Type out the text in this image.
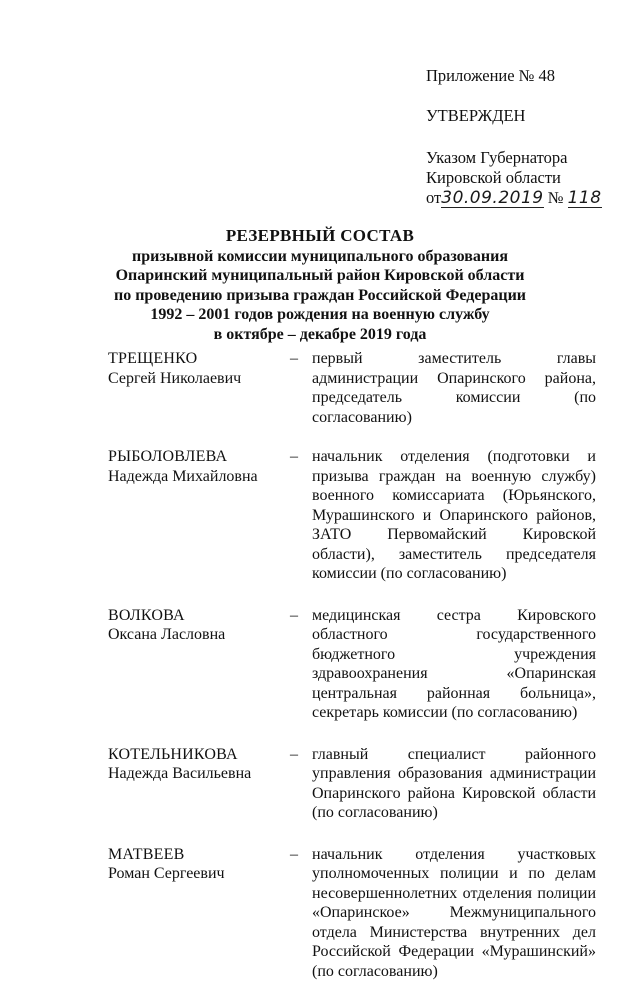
Приложение № 48
УТВЕРЖДЕН
Указом Губернатора
Кировской области
от30.09.2019 № 118
РЕЗЕРВНЫЙ СОСТАВ
призывной комиссии муниципального образования
Опаринский муниципальный район Кировской области
по проведению призыва граждан Российской Федерации
1992 – 2001 годов рождения на военную службу
в октябре – декабре 2019 года
ТРЕЩЕНКО
Сергей Николаевич
– первый заместитель главы администрации Опаринского района, председатель комиссии (по согласованию)
РЫБОЛОВЛЕВА
Надежда Михайловна
– начальник отделения (подготовки и призыва граждан на военную службу) военного комиссариата (Юрьянского, Мурашинского и Опаринского районов, ЗАТО Первомайский Кировской области), заместитель председателя комиссии (по согласованию)
ВОЛКОВА
Оксана Ласловна
– медицинская сестра Кировского областного государственного бюджетного учреждения здравоохранения «Опаринская центральная районная больница», секретарь комиссии (по согласованию)
КОТЕЛЬНИКОВА
Надежда Васильевна
– главный специалист районного управления образования администрации Опаринского района Кировской области (по согласованию)
МАТВЕЕВ
Роман Сергеевич
– начальник отделения участковых уполномоченных полиции и по делам несовершеннолетних отделения полиции «Опаринское» Межмуниципального отдела Министерства внутренних дел Российской Федерации «Мурашинский» (по согласованию)
